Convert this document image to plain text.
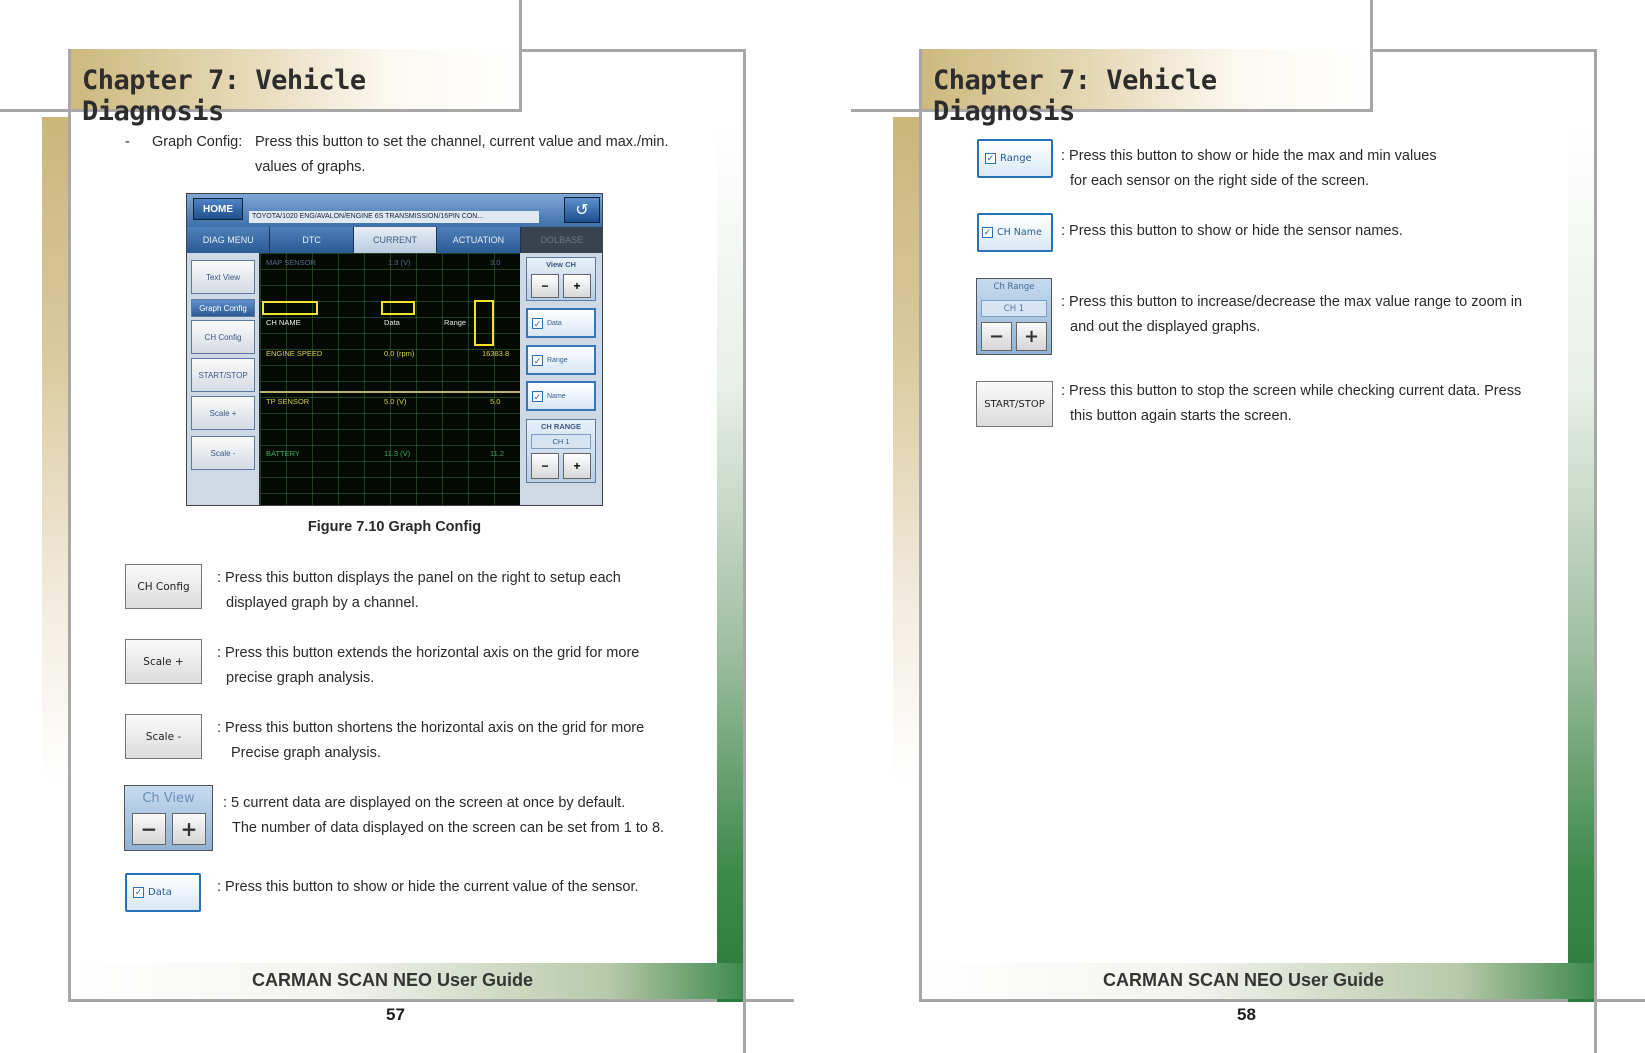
Chapter 7: Vehicle Diagnosis
- Graph Config: Press this button to set the channel, current value and max./min.
values of graphs.
HOME
TOYOTA/1020 ENG/AVALON/ENGINE 6S TRANSMISSION/16PIN CON...	↺
DIAG MENU	DTC	CURRENT	ACTUATION	DOLBASE
Text View
Graph Config
CH Config
START/STOP
Scale +
Scale -
MAP SENSOR	1.3 (V)	3.0
CH NAME	Data	Range
ENGINE SPEED	0.0 (rpm)	16383.8
TP SENSOR	5.0 (V)	5.0
BATTERY	11.3 (V)	11.2
View CH
−	+
✓ Data
✓ Range
✓ Name
CH RANGE
CH 1
−	+
Figure 7.10 Graph Config
CH Config
: Press this button displays the panel on the right to setup each
displayed graph by a channel.
Scale +
: Press this button extends the horizontal axis on the grid for more
precise graph analysis.
Scale -
: Press this button shortens the horizontal axis on the grid for more
Precise graph analysis.
Ch View
−	+
: 5 current data are displayed on the screen at once by default.
The number of data displayed on the screen can be set from 1 to 8.
✓ Data	: Press this button to show or hide the current value of the sensor.
CARMAN SCAN NEO User Guide
57
Chapter 7: Vehicle Diagnosis
✓ Range : Press this button to show or hide the max and min values
for each sensor on the right side of the screen.
✓ CH Name : Press this button to show or hide the sensor names.
Ch Range
CH 1
−	+
: Press this button to increase/decrease the max value range to zoom in
and out the displayed graphs.
START/STOP
: Press this button to stop the screen while checking current data. Press
this button again starts the screen.
CARMAN SCAN NEO User Guide
58
